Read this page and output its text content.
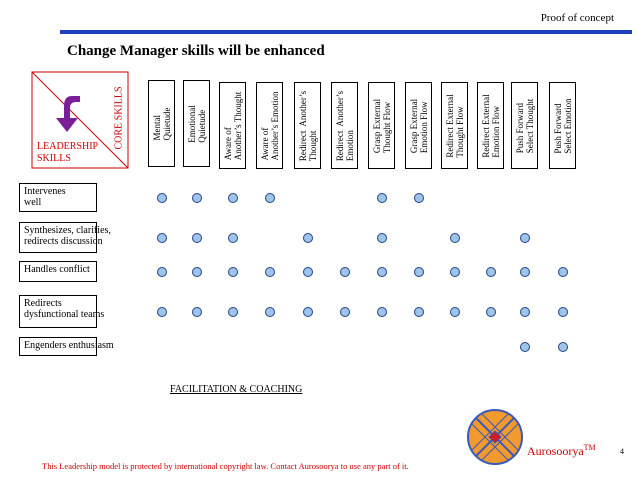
Proof of concept
Change Manager skills will be enhanced
CORE SKILLS
LEADERSHIP
SKILLS
Mental
Quietude Emotional
Quietude
Aware of
Another’s Thought
Aware of
Another’s Emotion
Redirect  Another’s
Thought Redirect  Another’s
Emotion Grasp External
Thought Flow
Grasp External
Emotion Flow
Redirect External
Thought Flow
Redirect External
Emotion Flow
Push Forward
Select Thought
Push Forward
Select Emotion
Intervenes
well
Synthesizes, clarifies,
redirects discussion
Handles conflict
Redirects
dysfunctional teams
Engenders enthusiasm
FACILITATION & COACHING
Aurosoorya™	4
This Leadership model is protected by international copyright law. Contact Aurosoorya to use any part of it.
